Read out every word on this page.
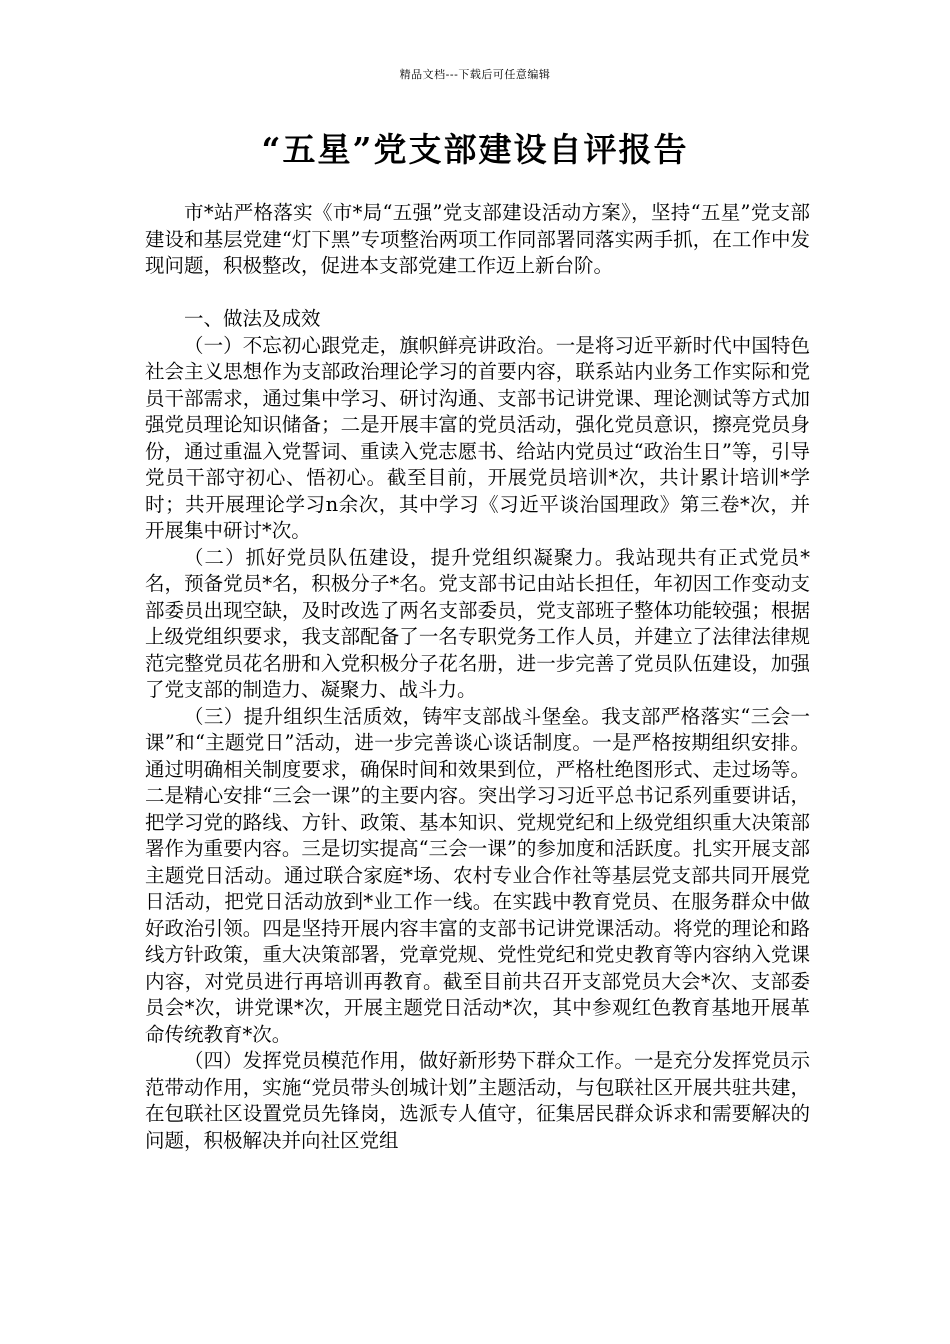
精品文档---下载后可任意编辑
“五星”党支部建设自评报告

市*站严格落实《市*局“五强”党支部建设活动方案》，坚持“五星”党支部建设和基层党建“灯下黑”专项整治两项工作同部署同落实两手抓，在工作中发现问题，积极整改，促进本支部党建工作迈上新台阶。

一、做法及成效

（一）不忘初心跟党走，旗帜鲜亮讲政治。一是将习近平新时代中国特色社会主义思想作为支部政治理论学习的首要内容，联系站内业务工作实际和党员干部需求，通过集中学习、研讨沟通、支部书记讲党课、理论测试等方式加强党员理论知识储备；二是开展丰富的党员活动，强化党员意识，擦亮党员身份，通过重温入党誓词、重读入党志愿书、给站内党员过“政治生日”等，引导党员干部守初心、悟初心。截至目前，开展党员培训*次，共计累计培训*学时；共开展理论学习n余次，其中学习《习近平谈治国理政》第三卷*次，并开展集中研讨*次。

（二）抓好党员队伍建设，提升党组织凝聚力。我站现共有正式党员*名，预备党员*名，积极分子*名。党支部书记由站长担任，年初因工作变动支部委员出现空缺，及时改选了两名支部委员，党支部班子整体功能较强；根据上级党组织要求，我支部配备了一名专职党务工作人员，并建立了法律法律规范完整党员花名册和入党积极分子花名册，进一步完善了党员队伍建设，加强了党支部的制造力、凝聚力、战斗力。

（三）提升组织生活质效，铸牢支部战斗堡垒。我支部严格落实“三会一课”和“主题党日”活动，进一步完善谈心谈话制度。一是严格按期组织安排。通过明确相关制度要求，确保时间和效果到位，严格杜绝图形式、走过场等。二是精心安排“三会一课”的主要内容。突出学习习近平总书记系列重要讲话，把学习党的路线、方针、政策、基本知识、党规党纪和上级党组织重大决策部署作为重要内容。三是切实提高“三会一课”的参加度和活跃度。扎实开展支部主题党日活动。通过联合家庭*场、农村专业合作社等基层党支部共同开展党日活动，把党日活动放到*业工作一线。在实践中教育党员、在服务群众中做好政治引领。四是坚持开展内容丰富的支部书记讲党课活动。将党的理论和路线方针政策，重大决策部署，党章党规、党性党纪和党史教育等内容纳入党课内容，对党员进行再培训再教育。截至目前共召开支部党员大会*次、支部委员会*次，讲党课*次，开展主题党日活动*次，其中参观红色教育基地开展革命传统教育*次。

（四）发挥党员模范作用，做好新形势下群众工作。一是充分发挥党员示范带动作用，实施“党员带头创城计划”主题活动，与包联社区开展共驻共建，在包联社区设置党员先锋岗，选派专人值守，征集居民群众诉求和需要解决的问题，积极解决并向社区党组
